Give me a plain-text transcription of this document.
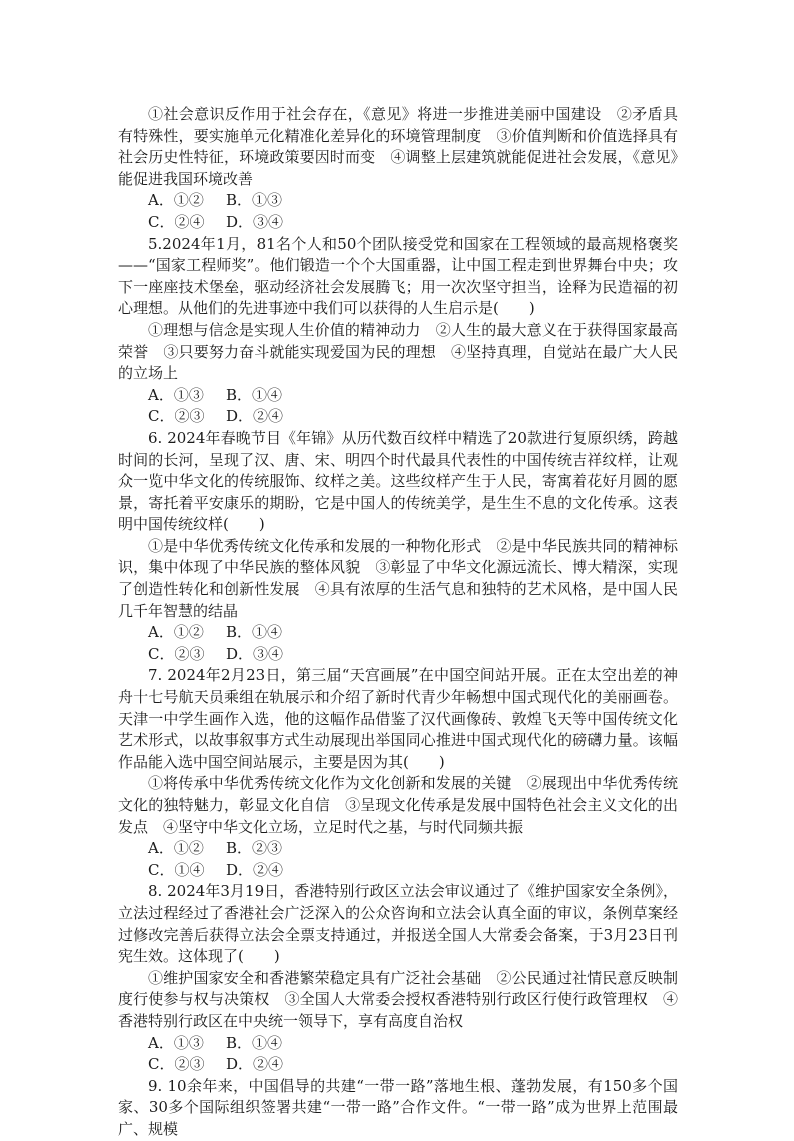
①社会意识反作用于社会存在，《意见》将进一步推进美丽中国建设　②矛盾具有特殊性，要实施单元化精准化差异化的环境管理制度　③价值判断和价值选择具有社会历史性特征，环境政策要因时而变　④调整上层建筑就能促进社会发展，《意见》能促进我国环境改善

A．①② B．①③
C．②④ D．③④

5.2024年1月，81名个人和50个团队接受党和国家在工程领域的最高规格褒奖——“国家工程师奖”。他们锻造一个个大国重器，让中国工程走到世界舞台中央；攻下一座座技术堡垒，驱动经济社会发展腾飞；用一次次坚守担当，诠释为民造福的初心理想。从他们的先进事迹中我们可以获得的人生启示是(　　)

①理想与信念是实现人生价值的精神动力　②人生的最大意义在于获得国家最高荣誉　③只要努力奋斗就能实现爱国为民的理想　④坚持真理，自觉站在最广大人民的立场上

A．①③ B．①④
C．②③ D．②④

6. 2024年春晚节目《年锦》从历代数百纹样中精选了20款进行复原织绣，跨越时间的长河，呈现了汉、唐、宋、明四个时代最具代表性的中国传统吉祥纹样，让观众一览中华文化的传统服饰、纹样之美。这些纹样产生于人民，寄寓着花好月圆的愿景，寄托着平安康乐的期盼，它是中国人的传统美学，是生生不息的文化传承。这表明中国传统纹样(　　)

①是中华优秀传统文化传承和发展的一种物化形式　②是中华民族共同的精神标识，集中体现了中华民族的整体风貌　③彰显了中华文化源远流长、博大精深，实现了创造性转化和创新性发展　④具有浓厚的生活气息和独特的艺术风格，是中国人民几千年智慧的结晶

A．①② B．①④
C．②③ D．③④

7. 2024年2月23日，第三届“天宫画展”在中国空间站开展。正在太空出差的神舟十七号航天员乘组在轨展示和介绍了新时代青少年畅想中国式现代化的美丽画卷。天津一中学生画作入选，他的这幅作品借鉴了汉代画像砖、敦煌飞天等中国传统文化艺术形式，以故事叙事方式生动展现出举国同心推进中国式现代化的磅礴力量。该幅作品能入选中国空间站展示，主要是因为其(　　)

①将传承中华优秀传统文化作为文化创新和发展的关键　②展现出中华优秀传统文化的独特魅力，彰显文化自信　③呈现文化传承是发展中国特色社会主义文化的出发点　④坚守中华文化立场，立足时代之基，与时代同频共振

A．①② B．②③
C．①④ D．②④

8. 2024年3月19日，香港特别行政区立法会审议通过了《维护国家安全条例》，立法过程经过了香港社会广泛深入的公众咨询和立法会认真全面的审议，条例草案经过修改完善后获得立法会全票支持通过，并报送全国人大常委会备案，于3月23日刊宪生效。这体现了(　　)

①维护国家安全和香港繁荣稳定具有广泛社会基础　②公民通过社情民意反映制度行使参与权与决策权　③全国人大常委会授权香港特别行政区行使行政管理权　④香港特别行政区在中央统一领导下，享有高度自治权

A．①③ B．①④
C．②③ D．②④

9. 10余年来，中国倡导的共建“一带一路”落地生根、蓬勃发展，有150多个国家、30多个国际组织签署共建“一带一路”合作文件。“一带一路”成为世界上范围最广、规模
